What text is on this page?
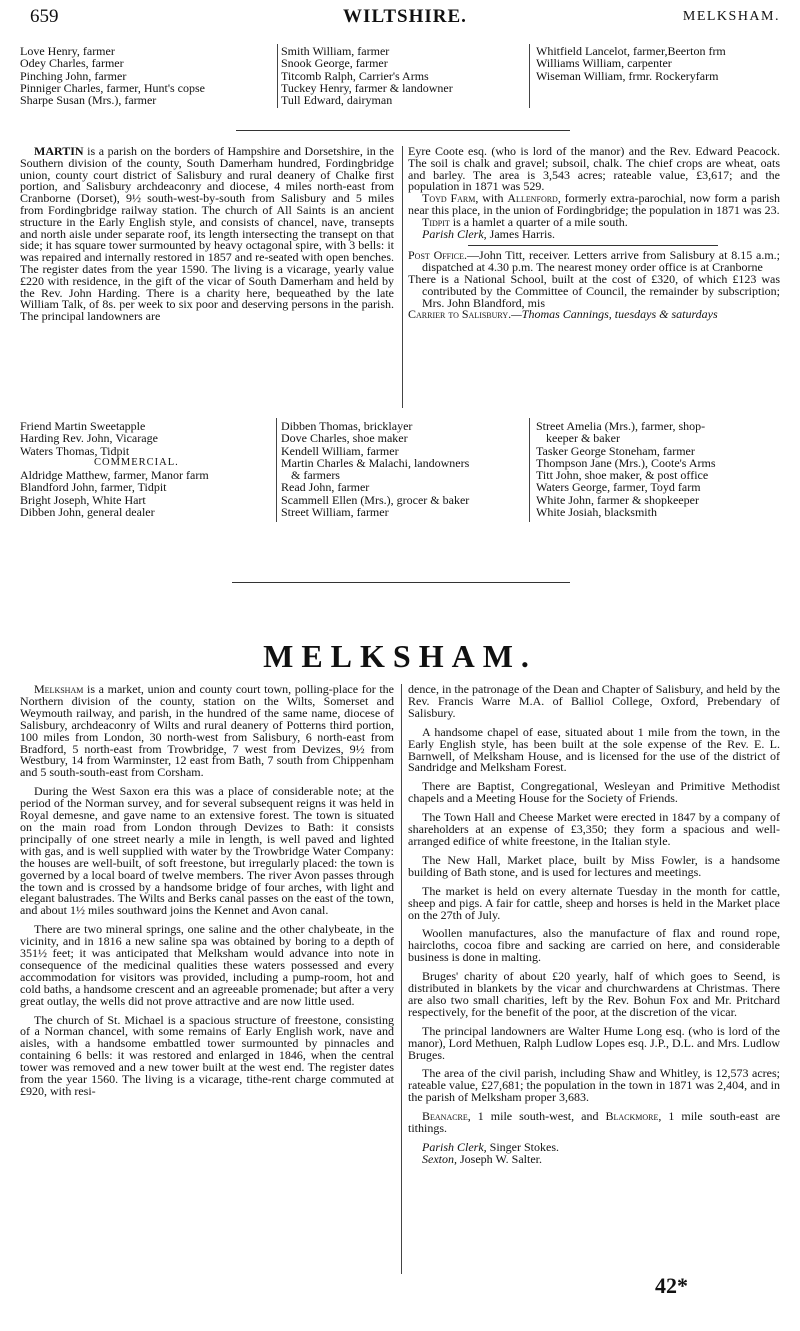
659	WILTSHIRE.	MELKSHAM.
Love Henry, farmer
Odey Charles, farmer
Pinching John, farmer
Pinniger Charles, farmer, Hunt's copse
Sharpe Susan (Mrs.), farmer
Smith William, farmer
Snook George, farmer
Titcomb Ralph, Carrier's Arms
Tuckey Henry, farmer & landowner
Tull Edward, dairyman
Whitfield Lancelot, farmer,Beerton frm
Williams William, carpenter
Wiseman William, frmr. Rockeryfarm

MARTIN is a parish on the borders of Hampshire and Dorsetshire, in the Southern division of the county, South Damerham hundred, Fordingbridge union, county court district of Salisbury and rural deanery of Chalke first portion, and Salisbury archdeaconry and diocese, 4 miles north-east from Cranborne (Dorset), 9½ south-west-by-south from Salisbury and 5 miles from Fordingbridge railway station. The church of All Saints is an ancient structure in the Early English style, and consists of chancel, nave, transepts and north aisle under separate roof, its length intersecting the transept on that side; it has square tower surmounted by heavy octagonal spire, with 3 bells: it was repaired and internally restored in 1857 and re-seated with open benches. The register dates from the year 1590. The living is a vicarage, yearly value £220 with residence, in the gift of the vicar of South Damerham and held by the Rev. John Harding. There is a charity here, bequeathed by the late William Talk, of 8s. per week to six poor and deserving persons in the parish. The principal landowners are

Eyre Coote esq. (who is lord of the manor) and the Rev. Edward Peacock. The soil is chalk and gravel; subsoil, chalk. The chief crops are wheat, oats and barley. The area is 3,543 acres; rateable value, £3,617; and the population in 1871 was 529.

Toyd Farm, with Allenford, formerly extra-parochial, now form a parish near this place, in the union of Fordingbridge; the population in 1871 was 23.

Tidpit is a hamlet a quarter of a mile south.

Parish Clerk, James Harris.

Post Office.—John Titt, receiver. Letters arrive from Salisbury at 8.15 a.m.; dispatched at 4.30 p.m. The nearest money order office is at Cranborne

There is a National School, built at the cost of £320, of which £123 was contributed by the Committee of Council, the remainder by subscription; Mrs. John Blandford, mis

Carrier to Salisbury.—Thomas Cannings, tuesdays & saturdays

Friend Martin Sweetapple
Harding Rev. John, Vicarage
Waters Thomas, Tidpit
COMMERCIAL.
Aldridge Matthew, farmer, Manor farm
Blandford John, farmer, Tidpit
Bright Joseph, White Hart
Dibben John, general dealer
Dibben Thomas, bricklayer
Dove Charles, shoe maker
Kendell William, farmer
Martin Charles & Malachi, landowners
& farmers
Read John, farmer
Scammell Ellen (Mrs.), grocer & baker
Street William, farmer
Street Amelia (Mrs.), farmer, shop-
keeper & baker
Tasker George Stoneham, farmer
Thompson Jane (Mrs.), Coote's Arms
Titt John, shoe maker, & post office
Waters George, farmer, Toyd farm
White John, farmer & shopkeeper
White Josiah, blacksmith
MELKSHAM.

Melksham is a market, union and county court town, polling-place for the Northern division of the county, station on the Wilts, Somerset and Weymouth railway, and parish, in the hundred of the same name, diocese of Salisbury, archdeaconry of Wilts and rural deanery of Potterns third portion, 100 miles from London, 30 north-west from Salisbury, 6 north-east from Bradford, 5 north-east from Trowbridge, 7 west from Devizes, 9½ from Westbury, 14 from Warminster, 12 east from Bath, 7 south from Chippenham and 5 south-south-east from Corsham.

During the West Saxon era this was a place of considerable note; at the period of the Norman survey, and for several subsequent reigns it was held in Royal demesne, and gave name to an extensive forest. The town is situated on the main road from London through Devizes to Bath: it consists principally of one street nearly a mile in length, is well paved and lighted with gas, and is well supplied with water by the Trowbridge Water Company: the houses are well-built, of soft freestone, but irregularly placed: the town is governed by a local board of twelve members. The river Avon passes through the town and is crossed by a handsome bridge of four arches, with light and elegant balustrades. The Wilts and Berks canal passes on the east of the town, and about 1½ miles southward joins the Kennet and Avon canal.

There are two mineral springs, one saline and the other chalybeate, in the vicinity, and in 1816 a new saline spa was obtained by boring to a depth of 351½ feet; it was anticipated that Melksham would advance into note in consequence of the medicinal qualities these waters possessed and every accommodation for visitors was provided, including a pump-room, hot and cold baths, a handsome crescent and an agreeable promenade; but after a very great outlay, the wells did not prove attractive and are now little used.

The church of St. Michael is a spacious structure of freestone, consisting of a Norman chancel, with some remains of Early English work, nave and aisles, with a handsome embattled tower surmounted by pinnacles and containing 6 bells: it was restored and enlarged in 1846, when the central tower was removed and a new tower built at the west end. The register dates from the year 1560. The living is a vicarage, tithe-rent charge commuted at £920, with resi-

dence, in the patronage of the Dean and Chapter of Salisbury, and held by the Rev. Francis Warre M.A. of Balliol College, Oxford, Prebendary of Salisbury.

A handsome chapel of ease, situated about 1 mile from the town, in the Early English style, has been built at the sole expense of the Rev. E. L. Barnwell, of Melksham House, and is licensed for the use of the district of Sandridge and Melksham Forest.

There are Baptist, Congregational, Wesleyan and Primitive Methodist chapels and a Meeting House for the Society of Friends.

The Town Hall and Cheese Market were erected in 1847 by a company of shareholders at an expense of £3,350; they form a spacious and well-arranged edifice of white freestone, in the Italian style.

The New Hall, Market place, built by Miss Fowler, is a handsome building of Bath stone, and is used for lectures and meetings.

The market is held on every alternate Tuesday in the month for cattle, sheep and pigs. A fair for cattle, sheep and horses is held in the Market place on the 27th of July.

Woollen manufactures, also the manufacture of flax and round rope, haircloths, cocoa fibre and sacking are carried on here, and considerable business is done in malting.

Bruges' charity of about £20 yearly, half of which goes to Seend, is distributed in blankets by the vicar and churchwardens at Christmas. There are also two small charities, left by the Rev. Bohun Fox and Mr. Pritchard respectively, for the benefit of the poor, at the discretion of the vicar.

The principal landowners are Walter Hume Long esq. (who is lord of the manor), Lord Methuen, Ralph Ludlow Lopes esq. J.P., D.L. and Mrs. Ludlow Bruges.

The area of the civil parish, including Shaw and Whitley, is 12,573 acres; rateable value, £27,681; the population in the town in 1871 was 2,404, and in the parish of Melksham proper 3,683.

Beanacre, 1 mile south-west, and Blackmore, 1 mile south-east are tithings.

Parish Clerk, Singer Stokes.

Sexton, Joseph W. Salter.

42*
